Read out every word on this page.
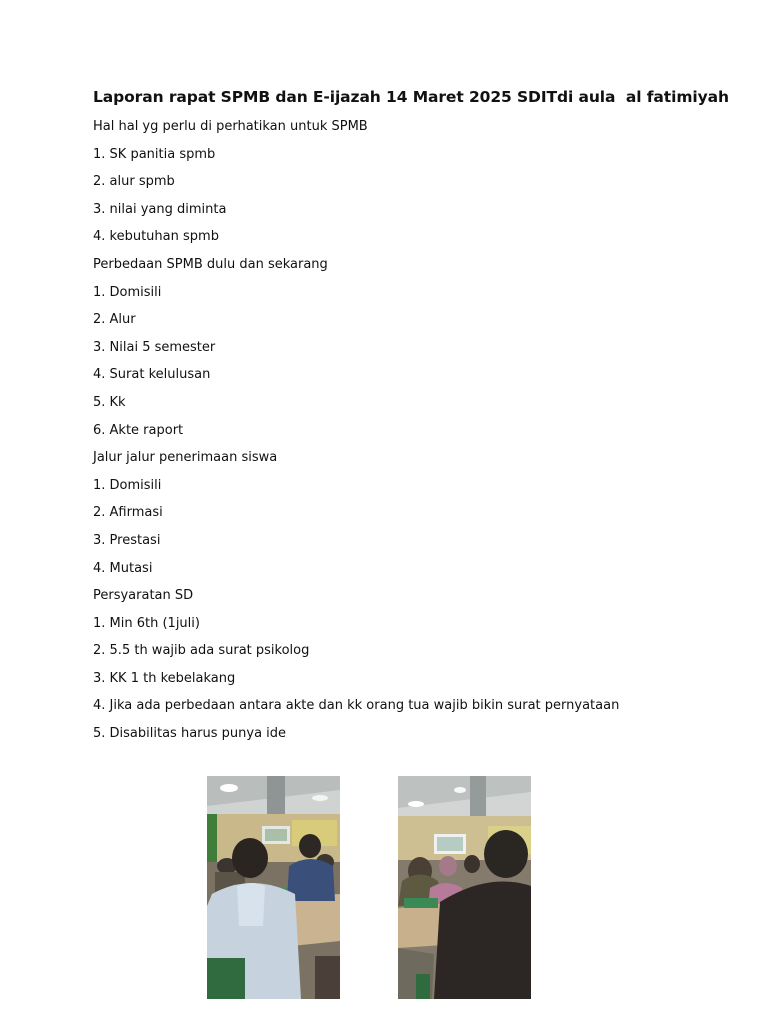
Laporan rapat SPMB dan E-ijazah 14 Maret 2025 SDITdi aula  al fatimiyah
Hal hal yg perlu di perhatikan untuk SPMB
1. SK panitia spmb
2. alur spmb
3. nilai yang diminta
4. kebutuhan spmb
Perbedaan SPMB dulu dan sekarang
1. Domisili
2. Alur
3. Nilai 5 semester
4. Surat kelulusan
5. Kk
6. Akte raport
Jalur jalur penerimaan siswa
1. Domisili
2. Afirmasi
3. Prestasi
4. Mutasi
Persyaratan SD
1. Min 6th (1juli)
2. 5.5 th wajib ada surat psikolog
3. KK 1 th kebelakang
4. Jika ada perbedaan antara akte dan kk orang tua wajib bikin surat pernyataan
5. Disabilitas harus punya ide
